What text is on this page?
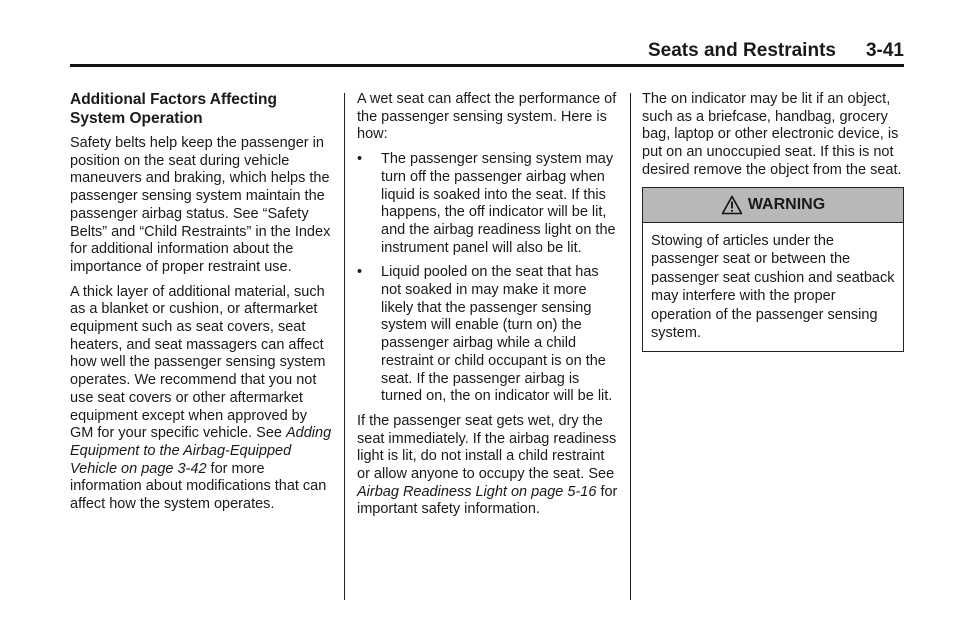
Seats and Restraints 3-41
Additional Factors Affecting System Operation

Safety belts help keep the passenger in position on the seat during vehicle maneuvers and braking, which helps the passenger sensing system maintain the passenger airbag status. See “Safety Belts” and “Child Restraints” in the Index for additional information about the importance of proper restraint use.

A thick layer of additional material, such as a blanket or cushion, or aftermarket equipment such as seat covers, seat heaters, and seat massagers can affect how well the passenger sensing system operates. We recommend that you not use seat covers or other aftermarket equipment except when approved by GM for your specific vehicle. See Adding Equipment to the Airbag-Equipped Vehicle on page 3-42 for more information about modifications that can affect how the system operates.

A wet seat can affect the performance of the passenger sensing system. Here is how:

• The passenger sensing system may turn off the passenger airbag when liquid is soaked into the seat. If this happens, the off indicator will be lit, and the airbag readiness light on the instrument panel will also be lit.
• Liquid pooled on the seat that has not soaked in may make it more likely that the passenger sensing system will enable (turn on) the passenger airbag while a child restraint or child occupant is on the seat. If the passenger airbag is turned on, the on indicator will be lit.

If the passenger seat gets wet, dry the seat immediately. If the airbag readiness light is lit, do not install a child restraint or allow anyone to occupy the seat. See Airbag Readiness Light on page 5-16 for important safety information.

The on indicator may be lit if an object, such as a briefcase, handbag, grocery bag, laptop or other electronic device, is put on an unoccupied seat. If this is not desired remove the object from the seat.

WARNING
Stowing of articles under the passenger seat or between the passenger seat cushion and seatback may interfere with the proper operation of the passenger sensing system.
